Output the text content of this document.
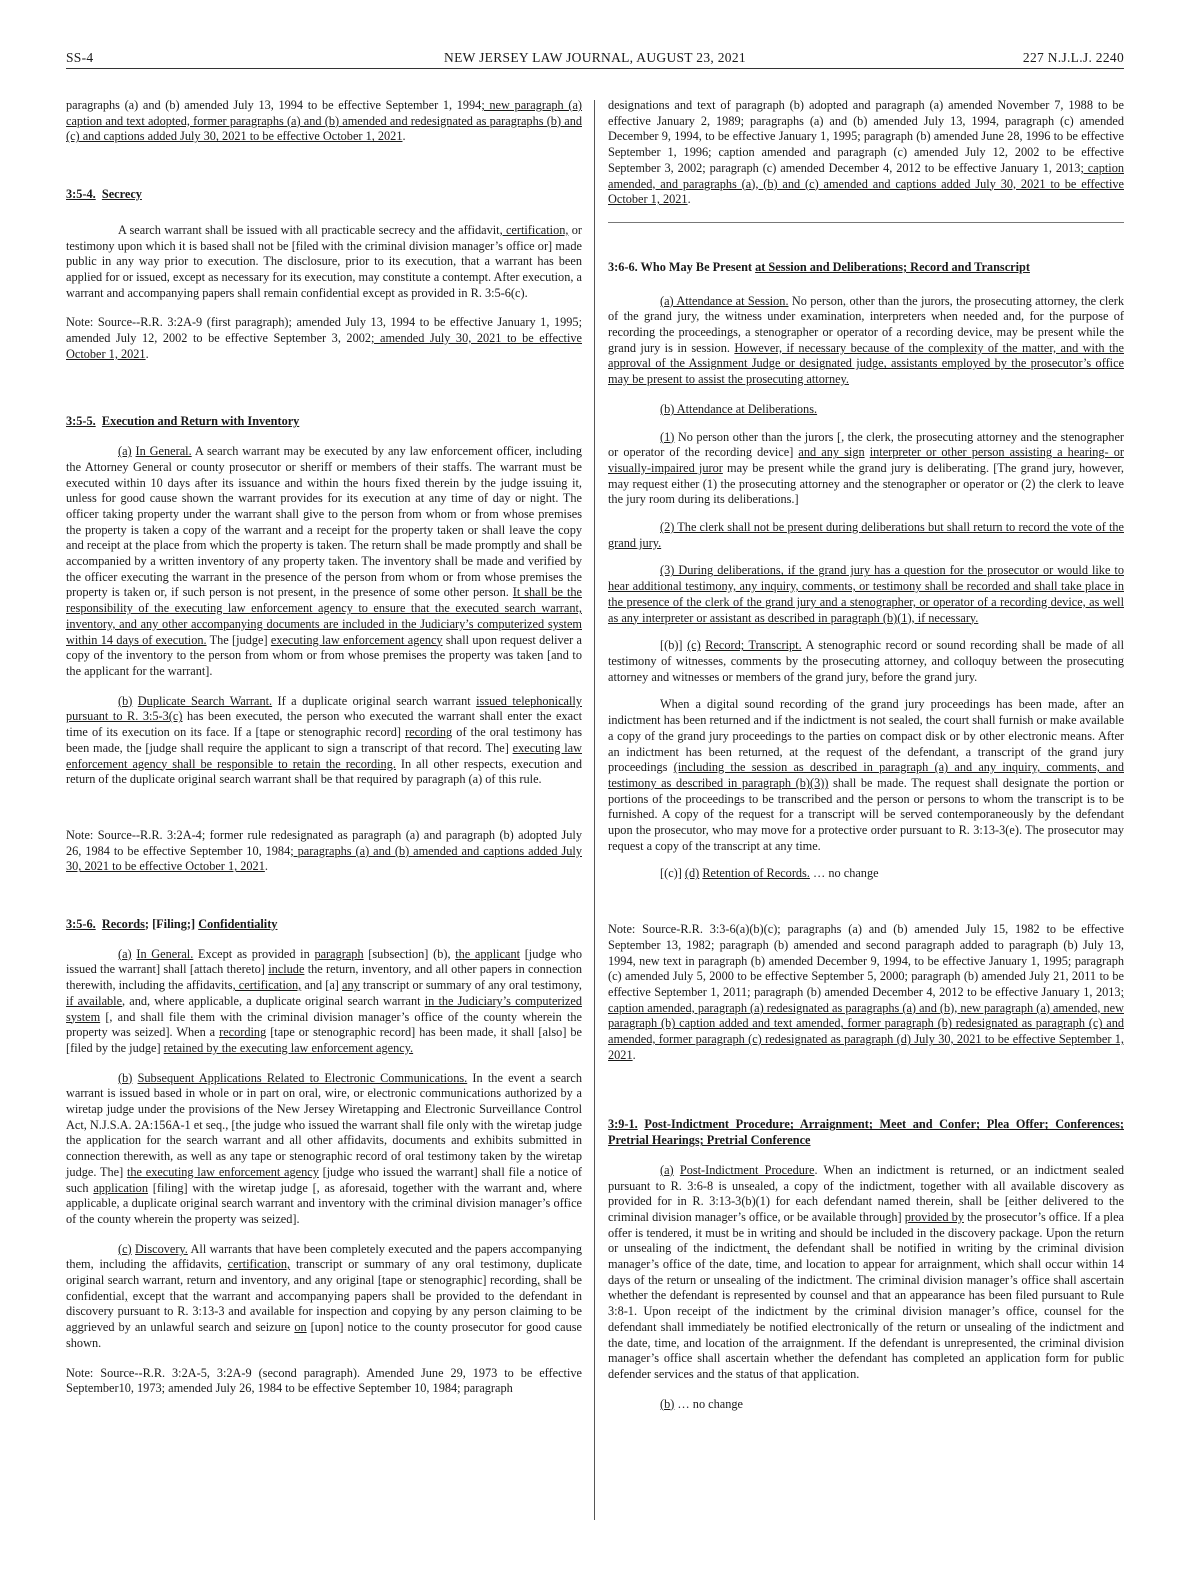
SS-4	NEW JERSEY LAW JOURNAL, AUGUST 23, 2021	227 N.J.L.J. 2240

paragraphs (a) and (b) amended July 13, 1994 to be effective September 1, 1994; new paragraph (a) caption and text adopted, former paragraphs (a) and (b) amended and redesignated as paragraphs (b) and (c) and captions added July 30, 2021 to be effective October 1, 2021.

3:5-4. Secrecy

A search warrant shall be issued with all practicable secrecy and the affidavit, certification, or testimony upon which it is based shall not be [filed with the criminal division manager’s office or] made public in any way prior to execution. The disclosure, prior to its execution, that a warrant has been applied for or issued, except as necessary for its execution, may constitute a contempt. After execution, a warrant and accompanying papers shall remain confidential except as provided in R. 3:5-6(c).

Note: Source--R.R. 3:2A-9 (first paragraph); amended July 13, 1994 to be effective January 1, 1995; amended July 12, 2002 to be effective September 3, 2002; amended July 30, 2021 to be effective October 1, 2021.

3:5-5. Execution and Return with Inventory

(a) In General. A search warrant may be executed by any law enforcement officer, including the Attorney General or county prosecutor or sheriff or members of their staffs. The warrant must be executed within 10 days after its issuance and within the hours fixed therein by the judge issuing it, unless for good cause shown the warrant provides for its execution at any time of day or night. The officer taking property under the warrant shall give to the person from whom or from whose premises the property is taken a copy of the warrant and a receipt for the property taken or shall leave the copy and receipt at the place from which the property is taken. The return shall be made promptly and shall be accompanied by a written inventory of any property taken. The inventory shall be made and verified by the officer executing the warrant in the presence of the person from whom or from whose premises the property is taken or, if such person is not present, in the presence of some other person. It shall be the responsibility of the executing law enforcement agency to ensure that the executed search warrant, inventory, and any other accompanying documents are included in the Judiciary’s computerized system within 14 days of execution. The [judge] executing law enforcement agency shall upon request deliver a copy of the inventory to the person from whom or from whose premises the property was taken [and to the applicant for the warrant].

(b) Duplicate Search Warrant. If a duplicate original search warrant issued telephonically pursuant to R. 3:5-3(c) has been executed, the person who executed the warrant shall enter the exact time of its execution on its face. If a [tape or stenographic record] recording of the oral testimony has been made, the [judge shall require the applicant to sign a transcript of that record. The] executing law enforcement agency shall be responsible to retain the recording. In all other respects, execution and return of the duplicate original search warrant shall be that required by paragraph (a) of this rule.

Note: Source--R.R. 3:2A-4; former rule redesignated as paragraph (a) and paragraph (b) adopted July 26, 1984 to be effective September 10, 1984; paragraphs (a) and (b) amended and captions added July 30, 2021 to be effective October 1, 2021.

3:5-6. Records; [Filing;] Confidentiality

(a) In General. Except as provided in paragraph [subsection] (b), the applicant [judge who issued the warrant] shall [attach thereto] include the return, inventory, and all other papers in connection therewith, including the affidavits, certification, and [a] any transcript or summary of any oral testimony, if available, and, where applicable, a duplicate original search warrant in the Judiciary’s computerized system [, and shall file them with the criminal division manager’s office of the county wherein the property was seized]. When a recording [tape or stenographic record] has been made, it shall [also] be [filed by the judge] retained by the executing law enforcement agency.

(b) Subsequent Applications Related to Electronic Communications. In the event a search warrant is issued based in whole or in part on oral, wire, or electronic communications authorized by a wiretap judge under the provisions of the New Jersey Wiretapping and Electronic Surveillance Control Act, N.J.S.A. 2A:156A-1 et seq., [the judge who issued the warrant shall file only with the wiretap judge the application for the search warrant and all other affidavits, documents and exhibits submitted in connection therewith, as well as any tape or stenographic record of oral testimony taken by the wiretap judge. The] the executing law enforcement agency [judge who issued the warrant] shall file a notice of such application [filing] with the wiretap judge [, as aforesaid, together with the warrant and, where applicable, a duplicate original search warrant and inventory with the criminal division manager’s office of the county wherein the property was seized].

(c) Discovery. All warrants that have been completely executed and the papers accompanying them, including the affidavits, certification, transcript or summary of any oral testimony, duplicate original search warrant, return and inventory, and any original [tape or stenographic] recording, shall be confidential, except that the warrant and accompanying papers shall be provided to the defendant in discovery pursuant to R. 3:13-3 and available for inspection and copying by any person claiming to be aggrieved by an unlawful search and seizure on [upon] notice to the county prosecutor for good cause shown.

Note: Source--R.R. 3:2A-5, 3:2A-9 (second paragraph). Amended June 29, 1973 to be effective September10, 1973; amended July 26, 1984 to be effective September 10, 1984; paragraph

designations and text of paragraph (b) adopted and paragraph (a) amended November 7, 1988 to be effective January 2, 1989; paragraphs (a) and (b) amended July 13, 1994, paragraph (c) amended December 9, 1994, to be effective January 1, 1995; paragraph (b) amended June 28, 1996 to be effective September 1, 1996; caption amended and paragraph (c) amended July 12, 2002 to be effective September 3, 2002; paragraph (c) amended December 4, 2012 to be effective January 1, 2013; caption amended, and paragraphs (a), (b) and (c) amended and captions added July 30, 2021 to be effective October 1, 2021.

3:6-6. Who May Be Present at Session and Deliberations; Record and Transcript

(a) Attendance at Session. No person, other than the jurors, the prosecuting attorney, the clerk of the grand jury, the witness under examination, interpreters when needed and, for the purpose of recording the proceedings, a stenographer or operator of a recording device, may be present while the grand jury is in session. However, if necessary because of the complexity of the matter, and with the approval of the Assignment Judge or designated judge, assistants employed by the prosecutor’s office may be present to assist the prosecuting attorney.

(b) Attendance at Deliberations.

(1) No person other than the jurors [, the clerk, the prosecuting attorney and the stenographer or operator of the recording device] and any sign interpreter or other person assisting a hearing- or visually-impaired juror may be present while the grand jury is deliberating. [The grand jury, however, may request either (1) the prosecuting attorney and the stenographer or operator or (2) the clerk to leave the jury room during its deliberations.]

(2) The clerk shall not be present during deliberations but shall return to record the vote of the grand jury.

(3) During deliberations, if the grand jury has a question for the prosecutor or would like to hear additional testimony, any inquiry, comments, or testimony shall be recorded and shall take place in the presence of the clerk of the grand jury and a stenographer, or operator of a recording device, as well as any interpreter or assistant as described in paragraph (b)(1), if necessary.

[(b)] (c) Record; Transcript. A stenographic record or sound recording shall be made of all testimony of witnesses, comments by the prosecuting attorney, and colloquy between the prosecuting attorney and witnesses or members of the grand jury, before the grand jury.

When a digital sound recording of the grand jury proceedings has been made, after an indictment has been returned and if the indictment is not sealed, the court shall furnish or make available a copy of the grand jury proceedings to the parties on compact disk or by other electronic means. After an indictment has been returned, at the request of the defendant, a transcript of the grand jury proceedings (including the session as described in paragraph (a) and any inquiry, comments, and testimony as described in paragraph (b)(3)) shall be made. The request shall designate the portion or portions of the proceedings to be transcribed and the person or persons to whom the transcript is to be furnished. A copy of the request for a transcript will be served contemporaneously by the defendant upon the prosecutor, who may move for a protective order pursuant to R. 3:13-3(e). The prosecutor may request a copy of the transcript at any time.

[(c)] (d) Retention of Records. … no change

Note: Source-R.R. 3:3-6(a)(b)(c); paragraphs (a) and (b) amended July 15, 1982 to be effective September 13, 1982; paragraph (b) amended and second paragraph added to paragraph (b) July 13, 1994, new text in paragraph (b) amended December 9, 1994, to be effective January 1, 1995; paragraph (c) amended July 5, 2000 to be effective September 5, 2000; paragraph (b) amended July 21, 2011 to be effective September 1, 2011; paragraph (b) amended December 4, 2012 to be effective January 1, 2013; caption amended, paragraph (a) redesignated as paragraphs (a) and (b), new paragraph (a) amended, new paragraph (b) caption added and text amended, former paragraph (b) redesignated as paragraph (c) and amended, former paragraph (c) redesignated as paragraph (d) July 30, 2021 to be effective September 1, 2021.

3:9-1. Post-Indictment Procedure; Arraignment; Meet and Confer; Plea Offer; Conferences; Pretrial Hearings; Pretrial Conference

(a) Post-Indictment Procedure. When an indictment is returned, or an indictment sealed pursuant to R. 3:6-8 is unsealed, a copy of the indictment, together with all available discovery as provided for in R. 3:13-3(b)(1) for each defendant named therein, shall be [either delivered to the criminal division manager’s office, or be available through] provided by the prosecutor’s office. If a plea offer is tendered, it must be in writing and should be included in the discovery package. Upon the return or unsealing of the indictment, the defendant shall be notified in writing by the criminal division manager’s office of the date, time, and location to appear for arraignment, which shall occur within 14 days of the return or unsealing of the indictment. The criminal division manager’s office shall ascertain whether the defendant is represented by counsel and that an appearance has been filed pursuant to Rule 3:8-1. Upon receipt of the indictment by the criminal division manager’s office, counsel for the defendant shall immediately be notified electronically of the return or unsealing of the indictment and the date, time, and location of the arraignment. If the defendant is unrepresented, the criminal division manager’s office shall ascertain whether the defendant has completed an application form for public defender services and the status of that application.

(b) … no change
